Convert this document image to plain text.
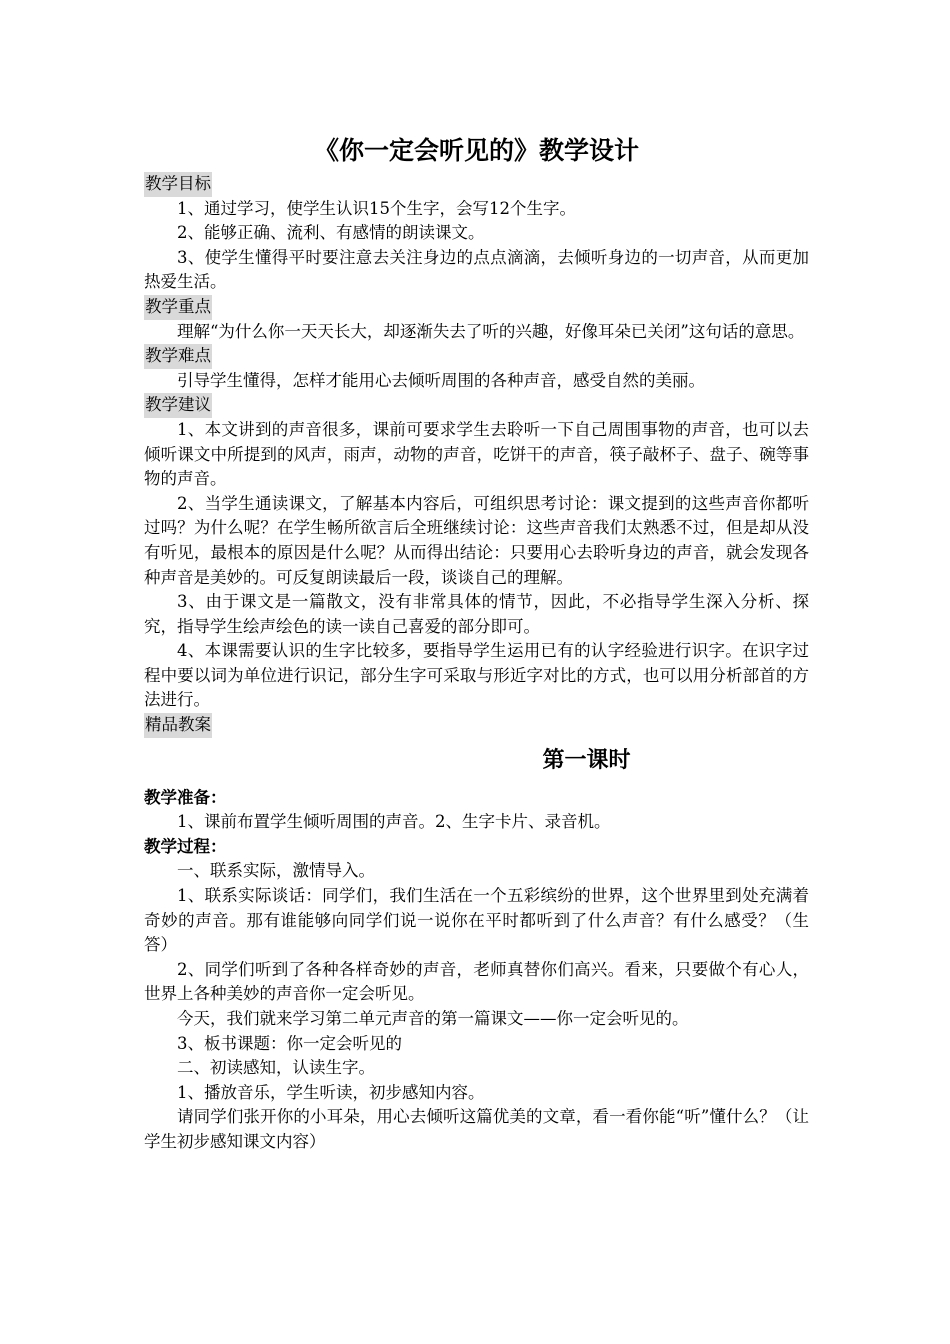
《你一定会听见的》教学设计
教学目标

1、通过学习，使学生认识15个生字，会写12个生字。

2、能够正确、流利、有感情的朗读课文。

3、使学生懂得平时要注意去关注身边的点点滴滴，去倾听身边的一切声音，从而更加热爱生活。

教学重点

理解“为什么你一天天长大，却逐渐失去了听的兴趣，好像耳朵已关闭”这句话的意思。

教学难点

引导学生懂得，怎样才能用心去倾听周围的各种声音，感受自然的美丽。

教学建议

1、本文讲到的声音很多，课前可要求学生去聆听一下自己周围事物的声音，也可以去倾听课文中所提到的风声，雨声，动物的声音，吃饼干的声音，筷子敲杯子、盘子、碗等事物的声音。

2、当学生通读课文，了解基本内容后，可组织思考讨论：课文提到的这些声音你都听过吗？为什么呢？在学生畅所欲言后全班继续讨论：这些声音我们太熟悉不过，但是却从没有听见，最根本的原因是什么呢？从而得出结论：只要用心去聆听身边的声音，就会发现各种声音是美妙的。可反复朗读最后一段，谈谈自己的理解。

3、由于课文是一篇散文，没有非常具体的情节，因此，不必指导学生深入分析、探究，指导学生绘声绘色的读一读自己喜爱的部分即可。

4、本课需要认识的生字比较多，要指导学生运用已有的认字经验进行识字。在识字过程中要以词为单位进行识记，部分生字可采取与形近字对比的方式，也可以用分析部首的方法进行。

精品教案
第一课时
教学准备：

1、课前布置学生倾听周围的声音。2、生字卡片、录音机。

教学过程：

一、联系实际，激情导入。

1、联系实际谈话：同学们，我们生活在一个五彩缤纷的世界，这个世界里到处充满着奇妙的声音。那有谁能够向同学们说一说你在平时都听到了什么声音？有什么感受？（生答）

2、同学们听到了各种各样奇妙的声音，老师真替你们高兴。看来，只要做个有心人，世界上各种美妙的声音你一定会听见。

今天，我们就来学习第二单元声音的第一篇课文——你一定会听见的。

3、板书课题：你一定会听见的

二、初读感知，认读生字。

1、播放音乐，学生听读，初步感知内容。

请同学们张开你的小耳朵，用心去倾听这篇优美的文章，看一看你能“听”懂什么？（让学生初步感知课文内容）
